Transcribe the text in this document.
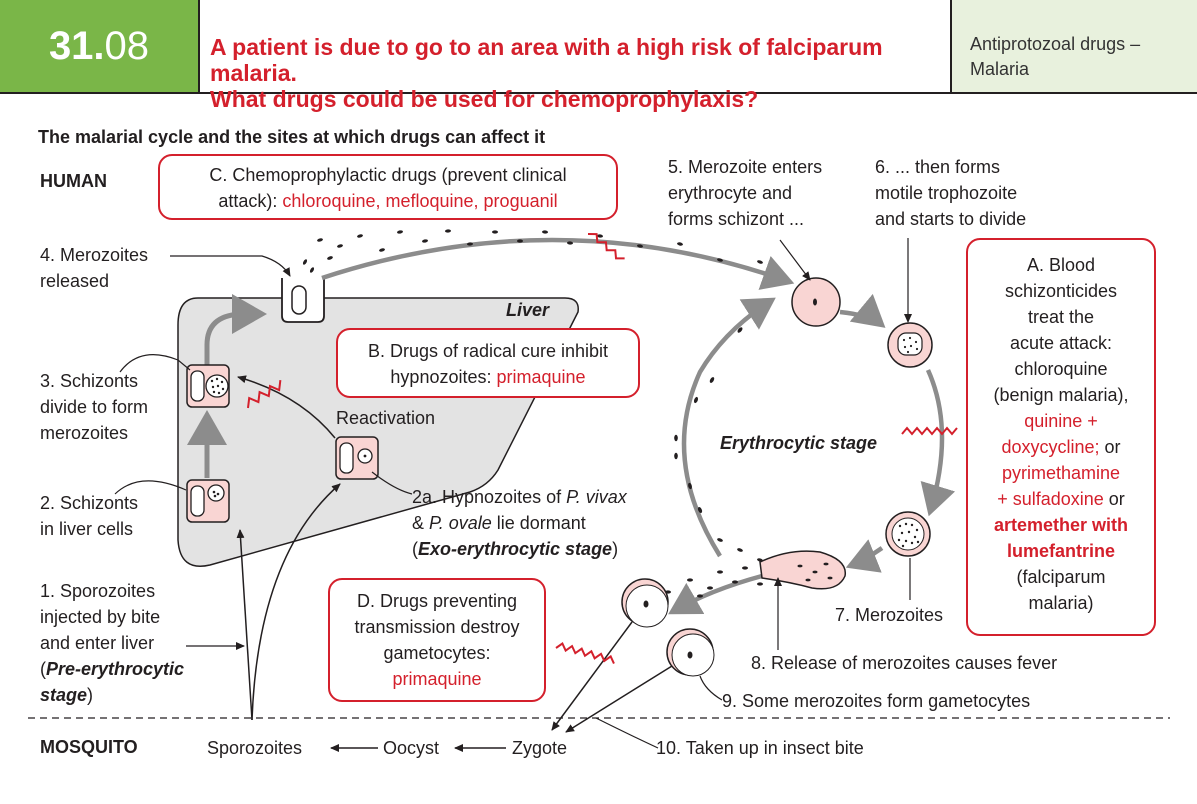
31. 08	A patient is due to go to an area with a high risk of falciparum malaria.
What drugs could be used for chemoprophylaxis?
Antiprotozoal drugs –
Malaria
The malarial cycle and the sites at which drugs can affect it
HUMAN
MOSQUITO
Liver
Erythrocytic stage
Reactivation
4. Merozoites
released
3. Schizonts
divide to form
merozoites
2. Schizonts
in liver cells
1. Sporozoites
injected by bite
and enter liver
(Pre-erythrocytic
stage)
2a. Hypnozoites of P. vivax
& P. ovale lie dormant
(Exo-erythrocytic stage)
5. Merozoite enters
erythrocyte and
forms schizont ...
6. ... then forms
motile trophozoite
and starts to divide
7. Merozoites
8. Release of merozoites causes fever
9. Some merozoites form gametocytes
10. Taken up in insect bite
Sporozoites	Oocyst	Zygote
C. Chemoprophylactic drugs (prevent clinical
attack): chloroquine, mefloquine, proguanil
B. Drugs of radical cure inhibit
hypnozoites: primaquine
D. Drugs preventing
transmission destroy
gametocytes:
primaquine
A. Blood
schizonticides
treat the
acute attack:
chloroquine
(benign malaria),
quinine +
doxycycline; or
pyrimethamine
+ sulfadoxine or
artemether with
lumefantrine
(falciparum
malaria)
